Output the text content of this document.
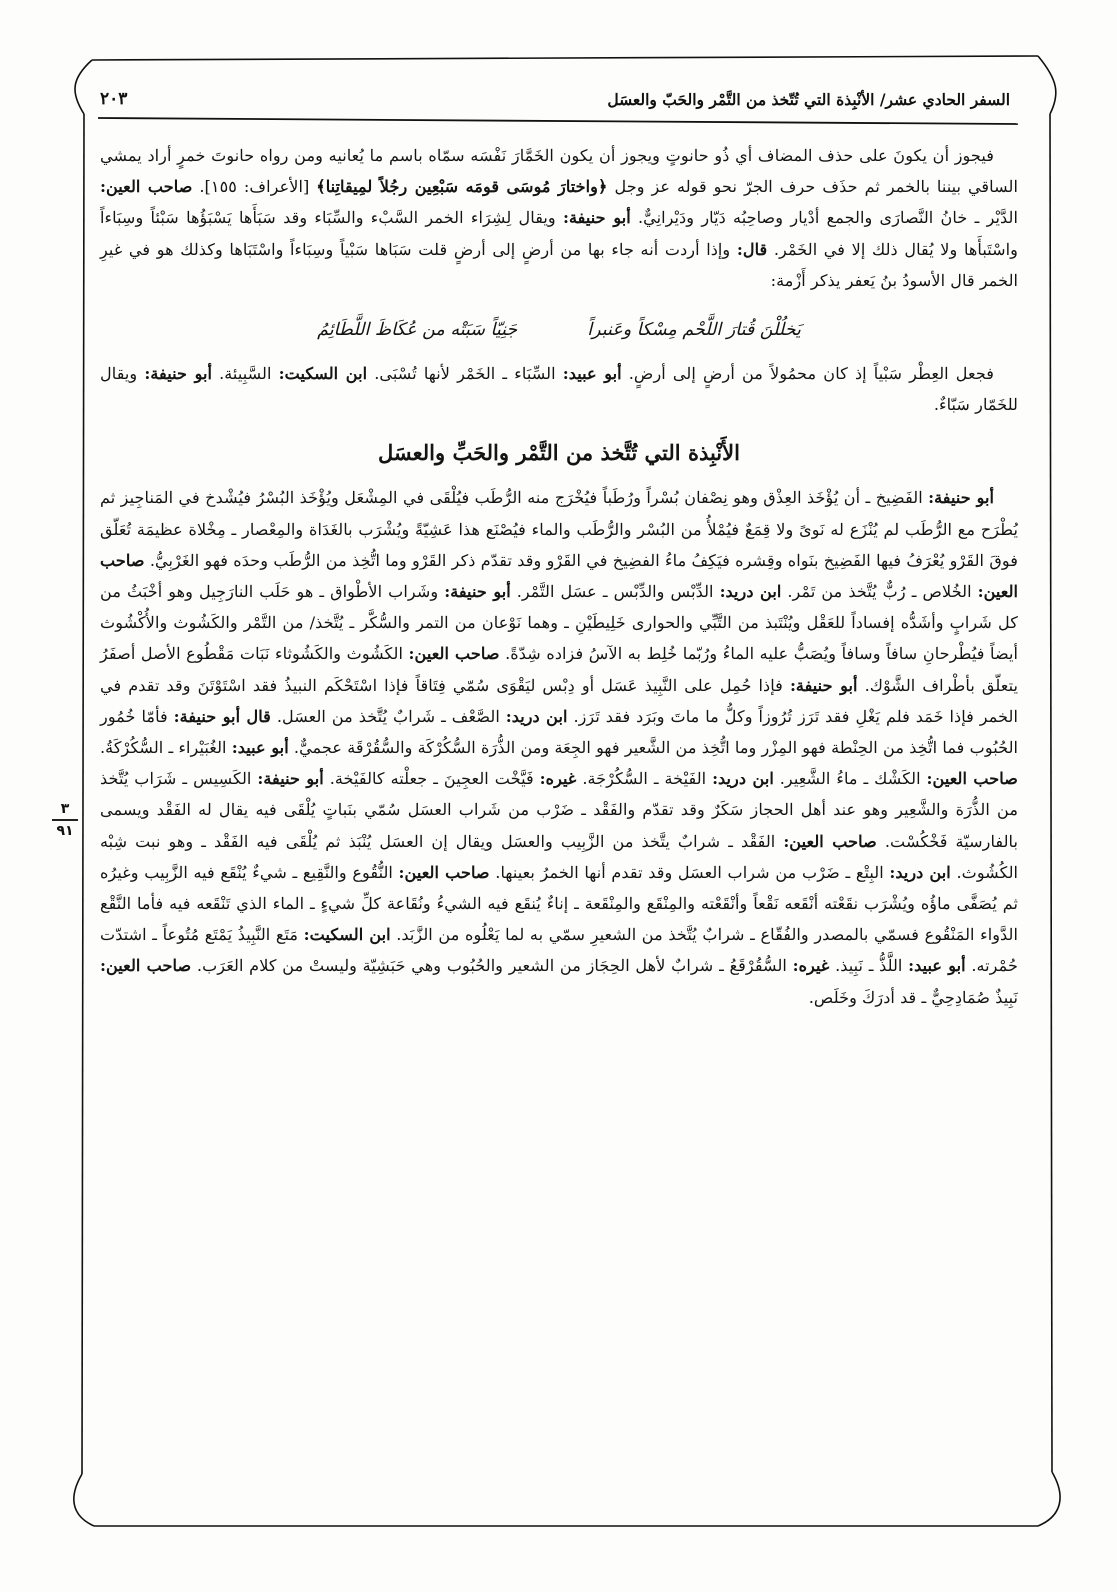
السفر الحادي عشر/ الأنْبِذة التي تُتّخذ من التَّمْر والحَبّ والعسَل
٢٠٣
٣
٩١

فيجوز أن يكونَ على حذف المضاف أي ذُو حانوتٍ ويجوز أن يكون الخَمَّارَ نَفْسَه سمّاه باسم ما يُعانيه ومن رواه حانوتَ خمرٍ أراد يمشي الساقي بيننا بالخمر ثم حذَف حرف الجرّ نحو قوله عز وجل ﴿واختارَ مُوسَى قومَه سَبْعِين رجُلاً لمِيقاتِنا﴾ [الأعراف: ١٥٥]. صاحب العين: الدَّيْر ـ خانُ النَّصارَى والجمع أدْيار وصاحِبُه دَيّار ودَيْرانِيٌّ. أبو حنيفة: ويقال لِشِرَاء الخمر السَّبْء والسِّبَاء وقد سَبَأَها يَسْبَؤُها سَبْئاً وسِبَاءاً واسْتَبأَها ولا يُقال ذلك إلا في الخَمْر. قال: وإذا أردت أنه جاء بها من أرضٍ إلى أرضٍ قلت سَبَاها سَبْياً وسِبَاءاً واسْتَبَاها وكذلك هو في غيرِ الخمر قال الأسودُ بنُ يَعفر يذكر أَزْمة:

يَخلُلْنَ قُتارَ اللَّحْم مِسْكاً وعَنبراً
جَنِيّاً سَبَتْه من عُكَاظَ اللَّطَائِمُ

فجعل العِطْر سَبْياً إذ كان محمُولاً من أرضٍ إلى أرضٍ. أبو عبيد: السِّبَاء ـ الخَمْر لأنها تُسْبَى. ابن السكيت: السَّبِيئة. أبو حنيفة: ويقال للخَمّار سَبّاءٌ.

الأَنْبِذة التي تُتَّخذ من التَّمْر والحَبِّ والعسَل

أبو حنيفة: الفَضِيخ ـ أن يُؤْخَذ العِذْق وهو نِصْفان بُسْراً ورُطَباً فيُخْرَج منه الرُّطَب فيُلْقَى في المِشْعَل ويُؤْخَذ البُسْرُ فيُشْدخ في المَناجِيز ثم يُطْرَح مع الرُّطَب لم يُنْزَع له نَوىً ولا قِمَعٌ فيُمْلأُ من البُسْر والرُّطَب والماء فيُصْنَع هذا عَشِيّةً ويُشْرَب بالغَدَاة والمِعْصار ـ مِخْلاة عظيمَة تُعَلّق فوقَ القَرْو يُعْرَفُ فيها الفَضِيخ بنَواه وقِشره فيَكِفُ ماءُ الفضِيخ في القَرْو وقد تقدّم ذكر القَرْو وما اتُّخِذ من الرُّطَب وحدَه فهو الغَرْبِيُّ. صاحب العين: الخُلاص ـ رُبٌّ يُتَّخذ من تَمْر. ابن دريد: الدِّبْس والدِّبْس ـ عسَل التَّمْر. أبو حنيفة: وشَراب الأطْواق ـ هو حَلَب النارَجِيل وهو أخْبَثُ من كل شَرابٍ وأشَدُّه إفساداً للعَقْل ويُنْتَبذ من التَّبِّي والحوارى خَلِيطَيْنِ ـ وهما نَوْعان من التمر والسُّكَّر ـ يُتَّخذ/ من التَّمْر والكَشُوث والأُكْشُوث أيضاً فيُطْرحانِ سافاً وسافاً ويُصَبُّ عليه الماءُ ورُبّما خُلِط به الآسُ فزاده شِدّةً. صاحب العين: الكَشُوث والكَشُوثاء نَبَات مَقْطُوع الأصل أصفَرُ يتعلّق بأطْراف الشَّوْك. أبو حنيفة: فإذا حُمِل على النَّبِيذ عَسَل أو دِبْس ليَقْوَى سُمّي فِتَاقاً فإذا اسْتَحْكَم النبيذُ فقد اسْتَوْتَنَ وقد تقدم في الخمر فإذا خَمَد فلم يَغْلِ فقد تَرَز تُرُوزاً وكلُّ ما ماتَ وبَرَد فقد تَرَز. ابن دريد: الصَّعْف ـ شَرابٌ يُتَّخذ من العسَل. قال أبو حنيفة: فأمّا خُمُور الحُبُوب فما اتُّخِذ من الحِنْطة فهو المِزْر وما اتُّخِذ من الشَّعير فهو الجِعَة ومن الذُّرَة السُّكُرْكَة والسُّقُرْقَة عجميٌّ. أبو عبيد: الغُبَيْراء ـ السُّكُرْكَةُ. صاحب العين: الكَشْك ـ ماءُ الشَّعِير. ابن دريد: الفَيْخة ـ السُّكُرْجَة. غيره: فَيَّخْت العجِينَ ـ جعلْته كالفَيْخة. أبو حنيفة: الكَسِيس ـ شَرَاب يُتَّخذ من الذُّرَة والشَّعِير وهو عند أهل الحجاز سَكَرٌ وقد تقدّم والفَقْد ـ ضَرْب من شَراب العسَل سُمّي بنَباتٍ يُلْقَى فيه يقال له الفَقْد ويسمى بالفارسيّة فَخْكُسْت. صاحب العين: الفَقْد ـ شرابٌ يتَّخذ من الزَّبِيب والعسَل ويقال إن العسَل يُنْبَذ ثم يُلْقَى فيه الفَقْد ـ وهو نبت شِبْه الكُشُوث. ابن دريد: البِتْع ـ ضَرْب من شراب العسَل وقد تقدم أنها الخمرُ بعينها. صاحب العين: النُّقُوع والنَّقِيع ـ شيءٌ يُنْقَع فيه الزَّبِيب وغيرُه ثم يُصَفَّى ماؤُه ويُشْرَب نقَعْته أنْقَعه نَقْعاً وأنْقَعْته والمِنْقَع والمِنْقَعة ـ إناءٌ يُنقَع فيه الشيءُ ونُقَاعة كلِّ شيءٍ ـ الماء الذي تَنْقَعه فيه فأما النَّقْع الدَّواء المَنْقُوع فسمّي بالمصدر والفُقّاع ـ شرابٌ يُتَّخذ من الشعيرِ سمّي به لما يَعْلُوه من الزَّبَد. ابن السكيت: مَتَع النَّبِيذُ يَمْتَع مُتُوعاً ـ اشتدّت حُمْرته. أبو عبيد: اللَّذُّ ـ نَبِيذ. غيره: السُّقُرْقَعُ ـ شرابٌ لأهل الحِجَاز من الشعير والحُبُوب وهي حَبَشِيّة وليستْ من كلام العَرَب. صاحب العين: نَبِيذٌ صُمَادِحِيٌّ ـ قد أدرَكَ وخَلَص.
